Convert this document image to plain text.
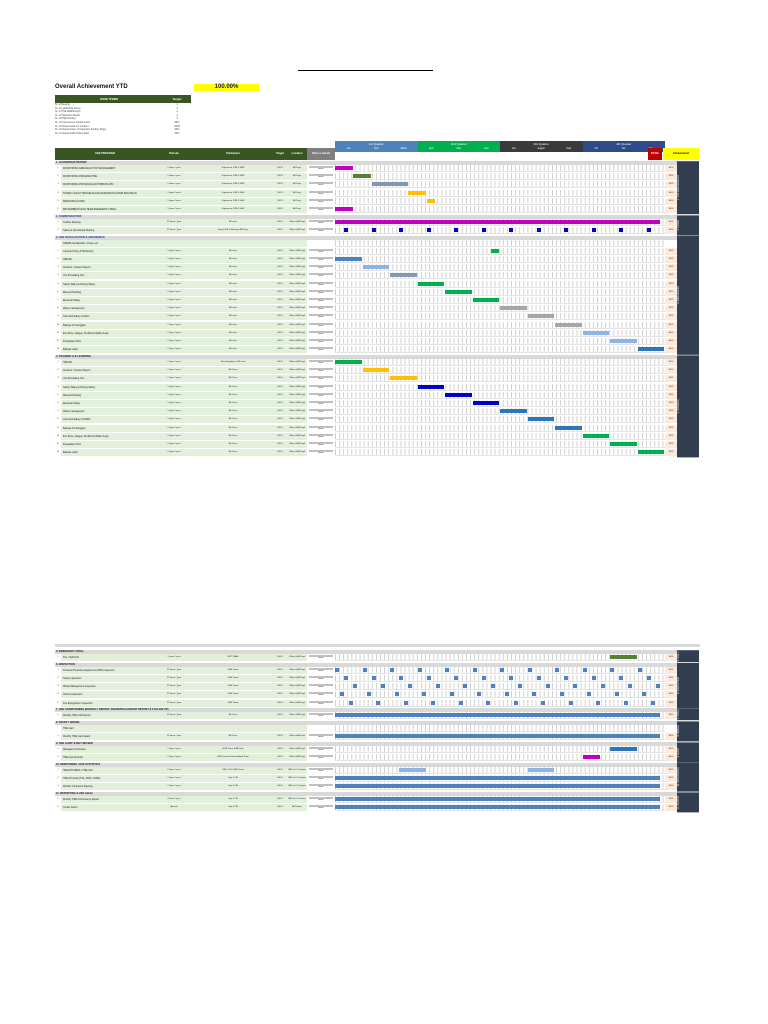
Overall Achievement YTD	100.00%
HSSE ITEMS	Target
Nr. of Meeting	4
Nr. of Leadership Forum	4
Nr. of HSE Walkthrough	4
Nr. of Inspection Report	4
Nr. of HSE Training	4
Nr. of Improvement Implemented	80%
Nr. of Closed Action for Incident	100%
Nr. of Closed Action of Inspection Finding Target	90%
Nr. of Closed Audit Finding Rate	90%
1st Quarter	2nd Quarter	3rd Quarter	4th Quarter
Jan	Feb	March	April	May	June	July	August	Sept	Oct	Nov
HSE PROGRAM	Periode	Participant	Target	Location	Plan vs Actual	TOTAL	Achievement
1. LEADERSHIP REVIEW
1	MONITORING KEBIJAKAN TOP MANAGEMENT	1 times / year	Supervisor, DIR & HSE	100%	All Dept	Actual	100%
2	MONITORING PROGRAM HSE	1 times / year	Supervisor, DIR & HSE	100%	All Dept	Actual	100%
3	MONITORING PROGRAM & DISTRIBUSI APD	1 times / year	Supervisor, DIR & HSE	100%	All Dept	Actual	100%
4	TINDAK LANJUT PENGELOLAAN KESEHATAN & PERLINDUNGAN	1 times / year	Supervisor, DIR & HSE	100%	All Dept	Actual	100%
5	PEMANTAUAN IZIN	1 times / year	Supervisor, DIR & HSE	100%	All Dept	Actual	100%
6	BRI PEMBENTUKAN TEAM EMERGENCY DRILL	1 times / year	Supervisor, DIR & HSE	100%	All Dept	Actual	100%
1. TOP MANAGEMENT
2. COMMUNICATION
1	Toolbox Meeting	12 times / year	All crew	100%	Office & All Dept	Actual	100%
2	Safety & Operational Meeting	12 times / year	Head, DIR & Manager All Dept	100%	Office & All Dept	Actual	100%	2. COMM
3. HSE SOCIALIZATION & AWARENESS
HSEMS Socialization, Poster, etc
1	Lifestyle Policy & Philosophy	1 times / year	All crew	100%	Office & All Dept	Actual	100%
2	HIRADC	1 times / year	All crew	100%	Office & All Dept	Actual	100%
3	Accident / Incident Report	1 times / year	All crew	100%	Office & All Dept	Actual	100%
4	Unit Prestaking Unit	1 times / year	All crew	100%	Office & All Dept	Actual	100%
5	Safety Taking & Driving Safety	1 times / year	All crew	100%	Office & All Dept	Actual	100%
6	Manual Handling	1 times / year	All crew	100%	Office & All Dept	Actual	100%
7	Electrical Safety	1 times / year	All crew	100%	Office & All Dept	Actual	100%
8	Waste management	1 times / year	All crew	100%	Office & All Dept	Actual	100%
9	Chemical Safety & Hazm	1 times / year	All crew	100%	Office & All Dept	Actual	100%
10	Bahaya di Ketinggian	1 times / year	All crew	100%	Office & All Dept	Actual	100%
11	Eco Drive, Fatigue, Prediksi & Waktu Kerja	1 times / year	All crew	100%	Office & All Dept	Actual	100%
12	Penjelasan SOrn	1 times / year	All crew	100%	Office & All Dept	Actual	100%
13	Bahasa Lokal	1 times / year	All crew	100%	Office & All Dept	Actual	100%
3. AWARENESS
4. TRAINING & E-LEARNING
1	HIRADC	1 times / year	New Employee / All crew	100%	Office & All Dept	Actual	100%
2	Accident / Incident Report	1 times / year	All Crew	100%	Office & All Dept	Actual	100%
3	Unit Prestaking Unit	1 times / year	All Crew	100%	Office & All Dept	Actual	100%
4	Safety Taking & Driving Safety	1 times / year	All Crew	100%	Office & All Dept	Actual	100%
5	Manual Handling	1 times / year	All Crew	100%	Office & All Dept	Actual	100%
6	Electrical Safety	1 times / year	All Crew	100%	Office & All Dept	Actual	100%
7	Waste management	1 times / year	All Crew	100%	Office & All Dept	Actual	100%
8	Chemical Safety & MSDS	1 times / year	All Crew	100%	Office & All Dept	Actual	100%
9	Bahaya di Ketinggian	1 times / year	All Crew	100%	Office & All Dept	Actual	100%
10	Eco Drive, Fatigue, Prediksi & Waktu Kerja	1 times / year	All Crew	100%	Office & All Dept	Actual	100%
11	Penjelasan SOrn	1 times / year	All Crew	100%	Office & All Dept	Actual	100%
12	Bahasa Lokal	1 times / year	All Crew	100%	Office & All Dept	Actual	100%
4. TRAINING
5. EMERGENCY DRILL
1	Fire / Spill Drill	1 times / year	ERT TEAM	100%	Office & All Dept	Actual	100%	5. DRILL
6. INSPECTION
1	Personal Protective Equipment (PPE) Inspection	12 times / year	HSE Team	100%	Office & All Dept	Actual	100%
2	Safety Inspection	12 times / year	HSE Team	100%	Office & All Dept	Actual	100%
3	Waste Management Inspection	12 times / year	HSE Team	100%	Office & All Dept	Actual	100%
4	Vehicle Inspection	12 times / year	HSE Team	100%	Office & All Dept	Actual	100%
5	Fire Extinguisher Inspection	12 times / year	HSE Team	100%	Office & All Dept	Actual	100%
6. INSPECTION
7. HSE CONDITIONING (MONTHLY REPORT, INCIDENT/ACCIDENT REPORT & FOLLOW UP)
1	Monthly HSE Card Report	12 times / year	All Crew	100%	Office & All Dept	Actual	100%	7. COND
8. SAFETY AWARD
HSE Card
1	Monthly HSE Card Award	12 times / year	All Crew	100%	Office & All Dept	Actual	100%	8. AWARD
9. HSE AUDIT & MGT REVIEW
1	Management Review	1 times / year	HSE Team & All Dept	100%	Office & All Dept	Actual	100%
2	HSE Internal Audit	1 times / year	HSE Team & Internal Audit Team	100%	Office & All Dept	Actual	100%
9. AUDIT
10. MONITORING / HSE STATISTICS
1	HEALTHCHECK / HSE Visit	2 times / year	DIR, LM & HSE Team	100%	All Unit / Location	Actual	100%
2	HSE KPI Audit (TSA, MCR, CSMS)	1 times / year	Ops & LM	100%	All Unit / Location	Actual	100%
3	Monthly Contractor Meeting	1 times / year	Ops & LM	100%	All Unit / Location	Actual	100%	10. MONITORING
11. REPORTING & HSE Admin
1	Monthly HSE Performance Report	4 times / year	Ops & LM	100%	All Unit / Location	Actual	100%
2	Tender Admin	Annual	Ops & LM	100%	All Tender	Actual	100%	11. REPORT
